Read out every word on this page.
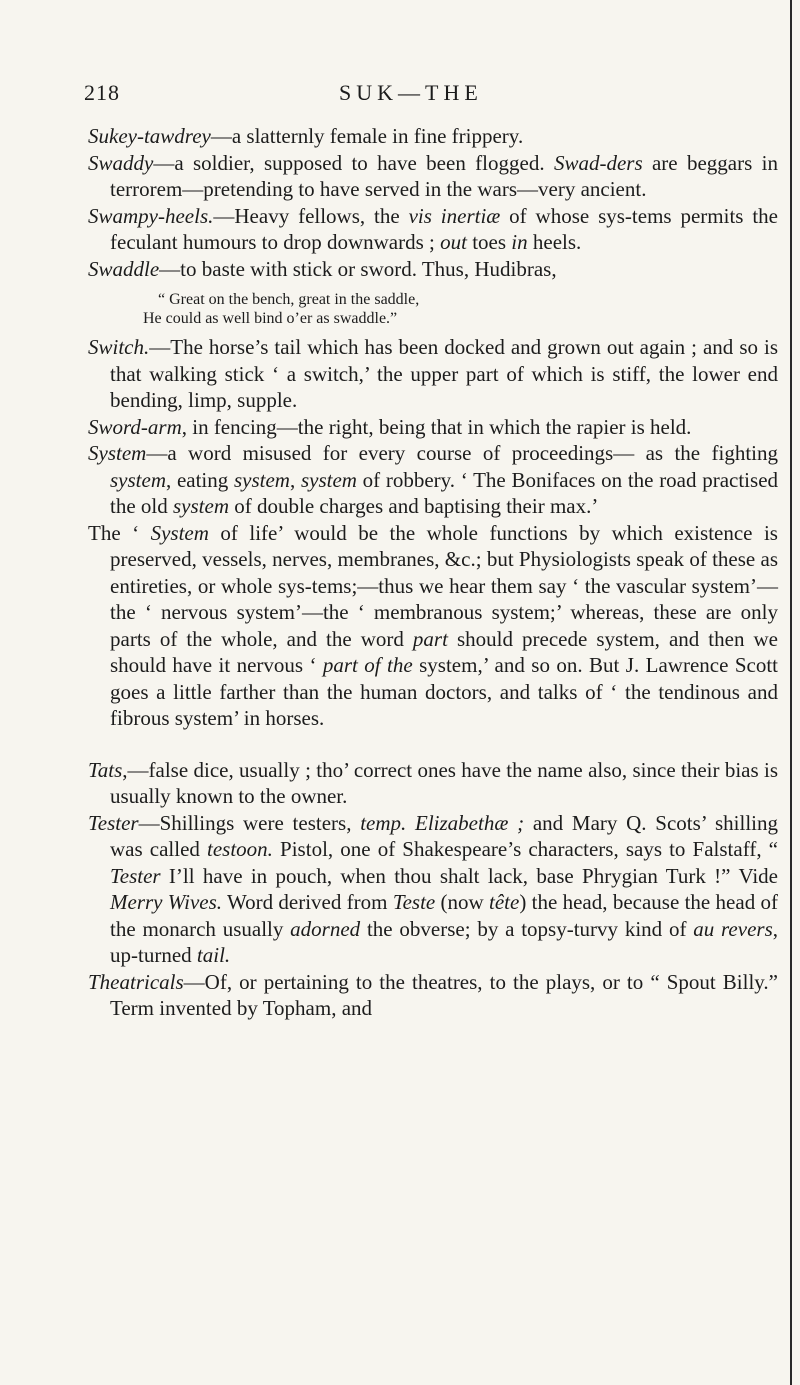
218	SUK—THE

Sukey-tawdrey—a slatternly female in fine frippery.

Swaddy—a soldier, supposed to have been flogged. Swad-ders are beggars in terrorem—pretending to have served in the wars—very ancient.

Swampy-heels.—Heavy fellows, the vis inertiæ of whose sys-tems permits the feculant humours to drop downwards ; out toes in heels.

Swaddle—to baste with stick or sword. Thus, Hudibras,

“ Great on the bench, great in the saddle,
He could as well bind o’er as swaddle.”

Switch.—The horse’s tail which has been docked and grown out again ; and so is that walking stick ‘ a switch,’ the upper part of which is stiff, the lower end bending, limp, supple.

Sword-arm, in fencing—the right, being that in which the rapier is held.

System—a word misused for every course of proceedings— as the fighting system, eating system, system of robbery. ‘ The Bonifaces on the road practised the old system of double charges and baptising their max.’

The ‘ System of life’ would be the whole functions by which existence is preserved, vessels, nerves, membranes, &c.; but Physiologists speak of these as entireties, or whole sys-tems;—thus we hear them say ‘ the vascular system’—the ‘ nervous system’—the ‘ membranous system;’ whereas, these are only parts of the whole, and the word part should precede system, and then we should have it nervous ‘ part of the system,’ and so on. But J. Lawrence Scott goes a little farther than the human doctors, and talks of ‘ the tendinous and fibrous system’ in horses.

Tats,—false dice, usually ; tho’ correct ones have the name also, since their bias is usually known to the owner.

Tester—Shillings were testers, temp. Elizabethæ ; and Mary Q. Scots’ shilling was called testoon. Pistol, one of Shakespeare’s characters, says to Falstaff, “ Tester I’ll have in pouch, when thou shalt lack, base Phrygian Turk !” Vide Merry Wives. Word derived from Teste (now tête) the head, because the head of the monarch usually adorned the obverse; by a topsy-turvy kind of au revers, up-turned tail.

Theatricals—Of, or pertaining to the theatres, to the plays, or to “ Spout Billy.” Term invented by Topham, and
